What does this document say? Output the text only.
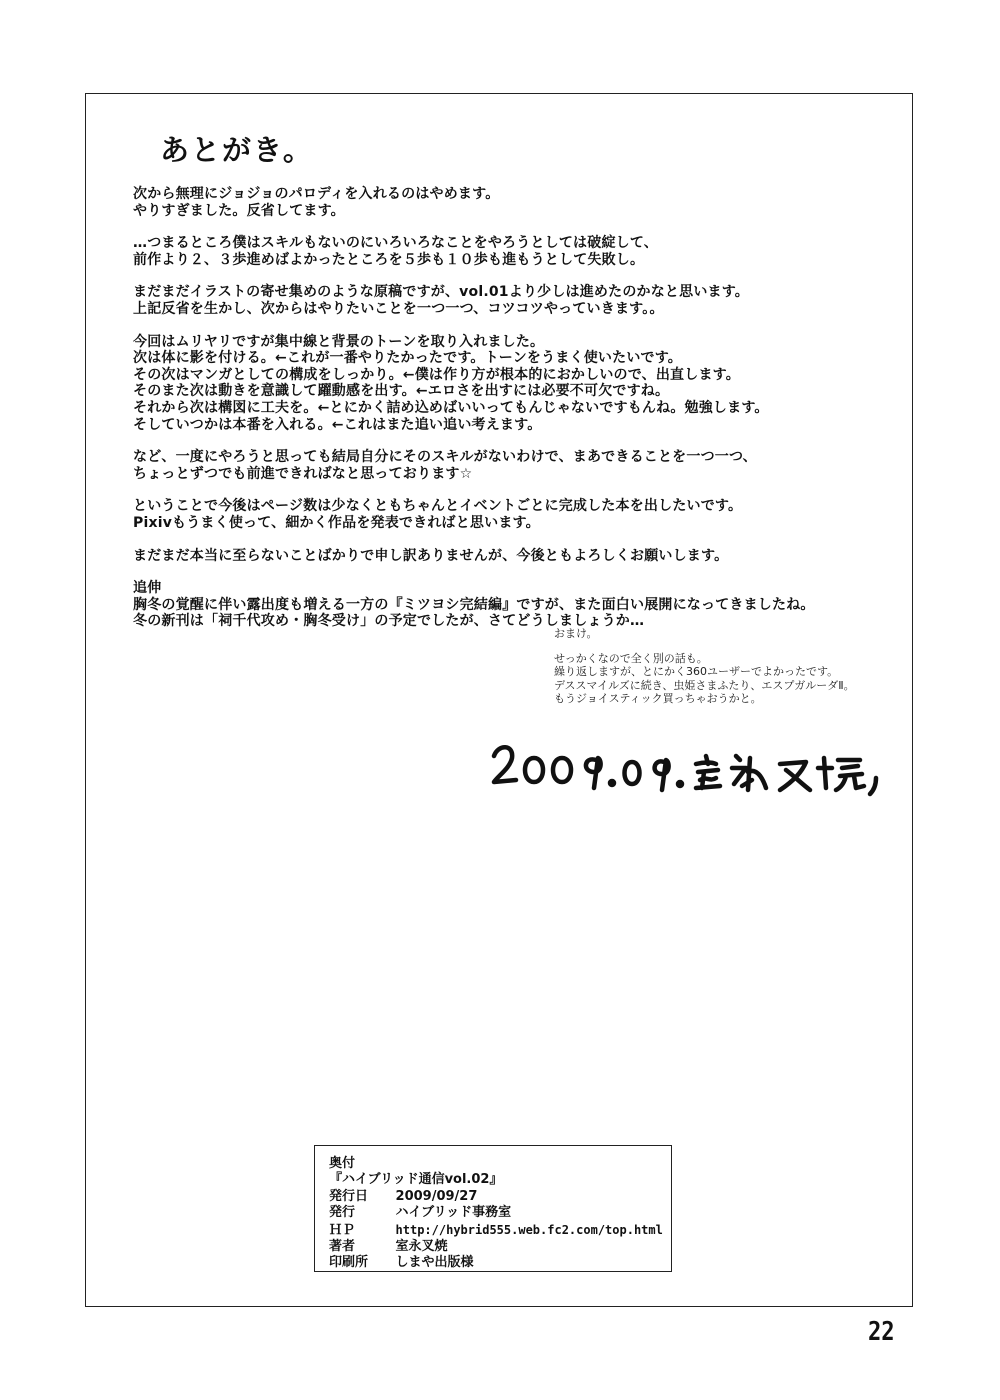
あとがき。
次から無理にジョジョのパロディを入れるのはやめます。
やりすぎました。反省してます。
…つまるところ僕はスキルもないのにいろいろなことをやろうとしては破綻して、
前作より２、３歩進めばよかったところを５歩も１０歩も進もうとして失敗し。
まだまだイラストの寄せ集めのような原稿ですが、vol.01より少しは進めたのかなと思います。
上記反省を生かし、次からはやりたいことを一つ一つ、コツコツやっていきます。。
今回はムリヤリですが集中線と背景のトーンを取り入れました。
次は体に影を付ける。←これが一番やりたかったです。トーンをうまく使いたいです。
その次はマンガとしての構成をしっかり。←僕は作り方が根本的におかしいので、出直します。
そのまた次は動きを意識して躍動感を出す。←エロさを出すには必要不可欠ですね。
それから次は構図に工夫を。←とにかく詰め込めばいいってもんじゃないですもんね。勉強します。
そしていつかは本番を入れる。←これはまた追い追い考えます。
など、一度にやろうと思っても結局自分にそのスキルがないわけで、まあできることを一つ一つ、
ちょっとずつでも前進できればなと思っております☆
ということで今後はページ数は少なくともちゃんとイベントごとに完成した本を出したいです。
Pixivもうまく使って、細かく作品を発表できればと思います。
まだまだ本当に至らないことばかりで申し訳ありませんが、今後ともよろしくお願いします。
追伸
胸冬の覚醒に伴い露出度も増える一方の『ミツヨシ完結編』ですが、また面白い展開になってきましたね。
冬の新刊は「祠千代攻め・胸冬受け」の予定でしたが、さてどうしましょうか…
おまけ。
せっかくなので全く別の話も。
繰り返しますが、とにかく360ユーザーでよかったです。
デススマイルズに続き、虫姫さまふたり、エスプガルーダⅡ。
もうジョイスティック買っちゃおうかと。
奥付
『ハイブリッド通信vol.02』
発行日 2009/09/27
発行	ハイブリッド事務室
ＨＰ	http://hybrid555.web.fc2.com/top.html
著者	室永叉焼
印刷所 しまや出版様
22
